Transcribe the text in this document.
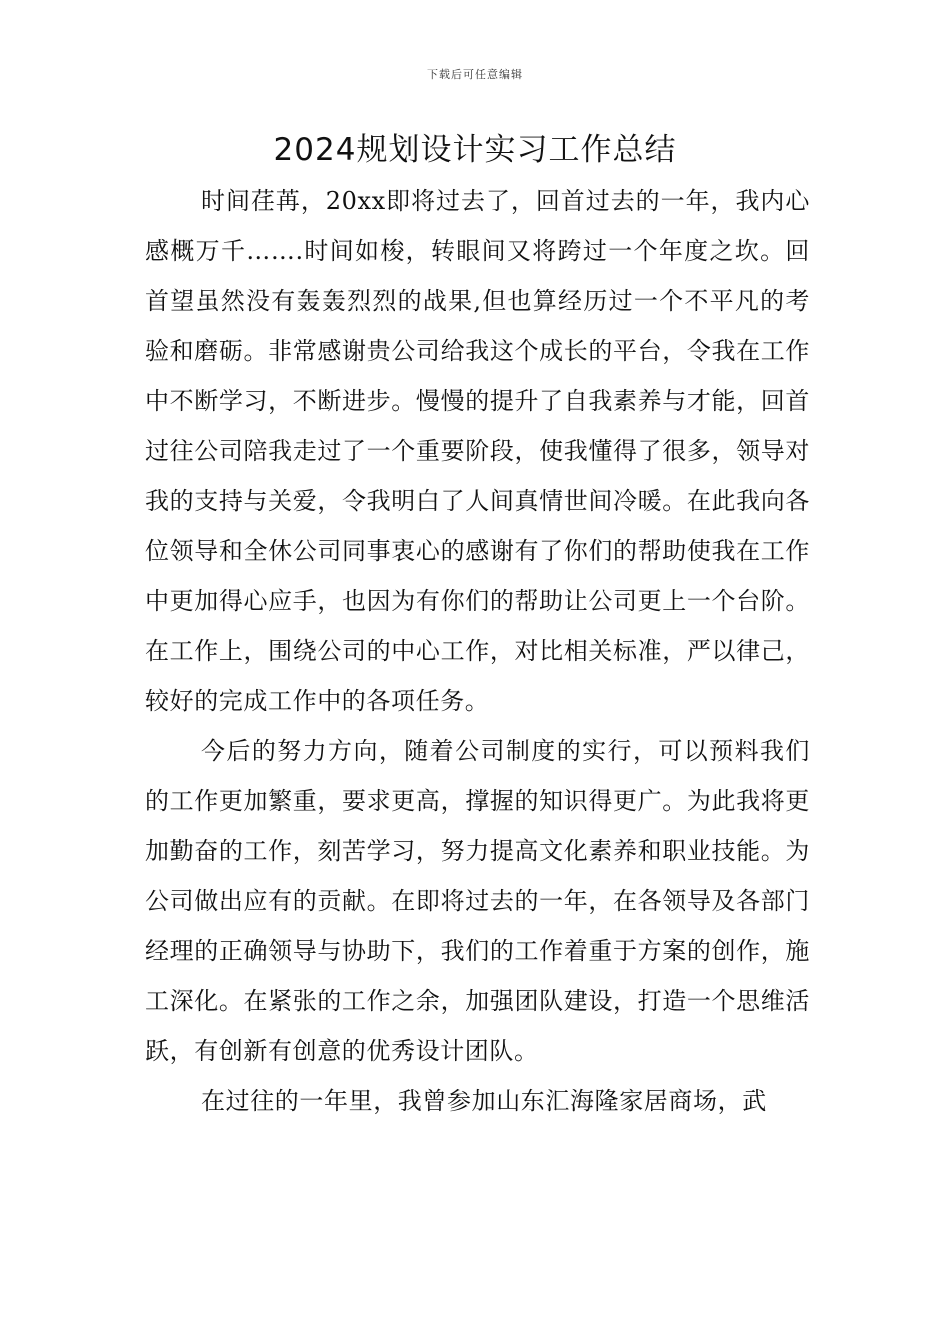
下载后可任意编辑
2024规划设计实习工作总结

时间荏苒，20xx即将过去了，回首过去的一年，我内心感概万千…….时间如梭，转眼间又将跨过一个年度之坎。回首望虽然没有轰轰烈烈的战果,但也算经历过一个不平凡的考验和磨砺。非常感谢贵公司给我这个成长的平台，令我在工作中不断学习，不断进步。慢慢的提升了自我素养与才能，回首过往公司陪我走过了一个重要阶段，使我懂得了很多，领导对我的支持与关爱，令我明白了人间真情世间冷暖。在此我向各位领导和全休公司同事衷心的感谢有了你们的帮助使我在工作中更加得心应手，也因为有你们的帮助让公司更上一个台阶。在工作上，围绕公司的中心工作，对比相关标准，严以律己，较好的完成工作中的各项任务。

今后的努力方向，随着公司制度的实行，可以预料我们的工作更加繁重，要求更高，撑握的知识得更广。为此我将更加勤奋的工作，刻苦学习，努力提高文化素养和职业技能。为公司做出应有的贡献。在即将过去的一年，在各领导及各部门经理的正确领导与协助下，我们的工作着重于方案的创作，施工深化。在紧张的工作之余，加强团队建设，打造一个思维活跃，有创新有创意的优秀设计团队。

在过往的一年里，我曾参加山东汇海隆家居商场，武
